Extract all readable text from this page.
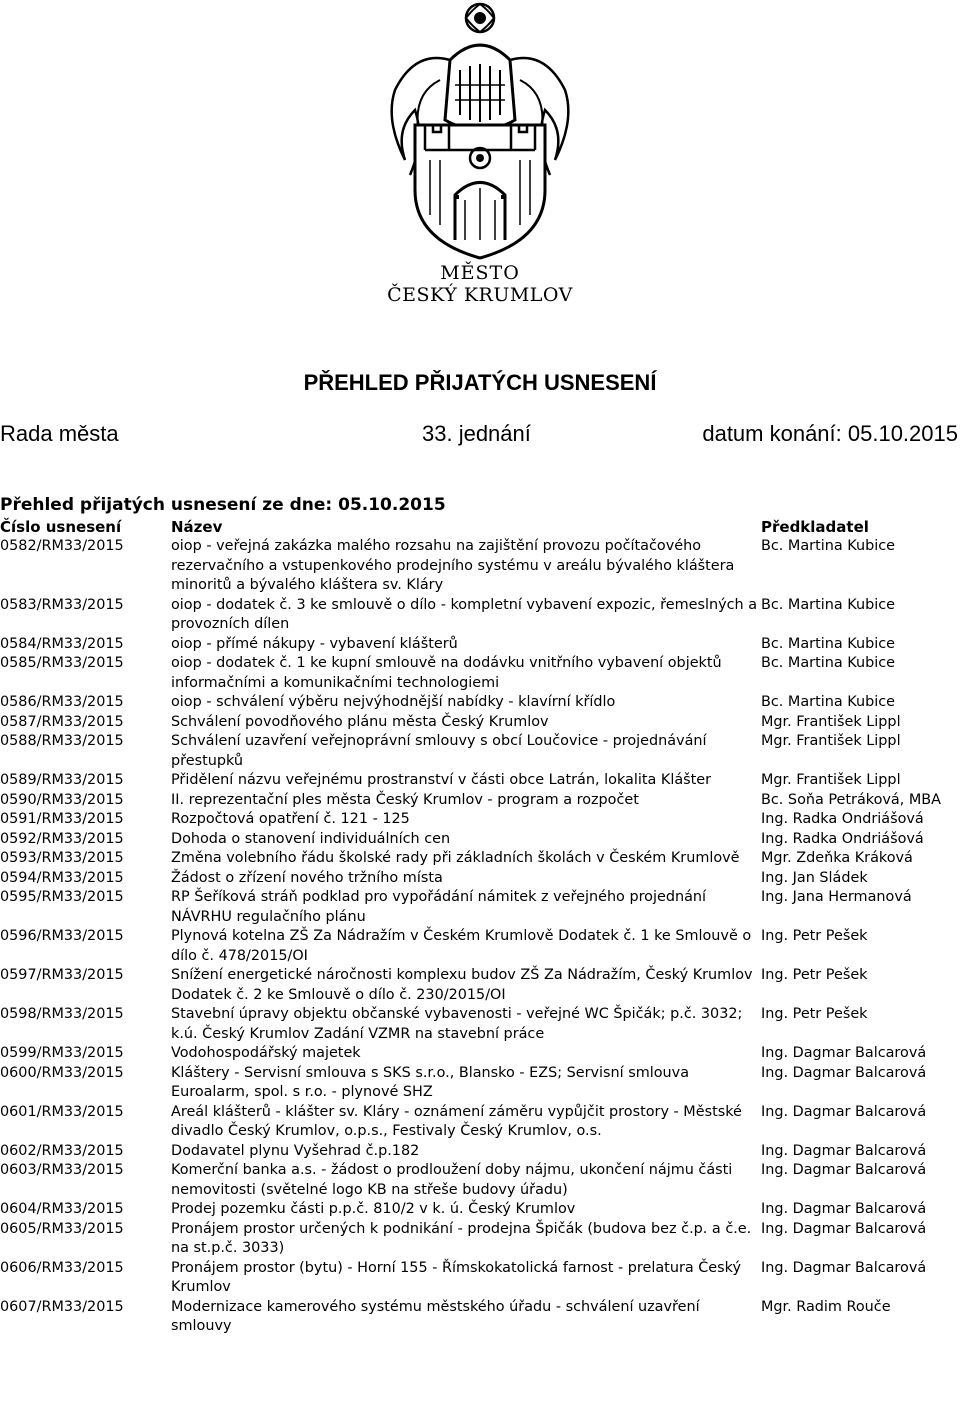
MĚSTO
ČESKÝ KRUMLOV
PŘEHLED PŘIJATÝCH USNESENÍ
Rada města	33. jednání	datum konání: 05.10.2015
Přehled přijatých usnesení ze dne: 05.10.2015
Číslo usnesení	Název	Předkladatel
0582/RM33/2015	oiop - veřejná zakázka malého rozsahu na zajištění provozu počítačového rezervačního a vstupenkového prodejního systému v areálu bývalého kláštera minoritů a bývalého kláštera sv. Kláry	Bc. Martina Kubice
0583/RM33/2015	oiop - dodatek č. 3 ke smlouvě o dílo - kompletní vybavení expozic, řemeslných a provozních dílen	Bc. Martina Kubice
0584/RM33/2015	oiop - přímé nákupy - vybavení klášterů	Bc. Martina Kubice
0585/RM33/2015	oiop - dodatek č. 1 ke kupní smlouvě na dodávku vnitřního vybavení objektů informačními a komunikačními technologiemi	Bc. Martina Kubice
0586/RM33/2015	oiop - schválení výběru nejvýhodnější nabídky - klavírní křídlo	Bc. Martina Kubice
0587/RM33/2015	Schválení povodňového plánu města Český Krumlov	Mgr. František Lippl
0588/RM33/2015	Schválení uzavření veřejnoprávní smlouvy s obcí Loučovice - projednávání přestupků	Mgr. František Lippl
0589/RM33/2015	Přidělení názvu veřejnému prostranství v části obce Latrán, lokalita Klášter	Mgr. František Lippl
0590/RM33/2015	II. reprezentační ples města Český Krumlov - program a rozpočet	Bc. Soňa Petráková, MBA
0591/RM33/2015	Rozpočtová opatření č. 121 - 125	Ing. Radka Ondriášová
0592/RM33/2015	Dohoda o stanovení individuálních cen	Ing. Radka Ondriášová
0593/RM33/2015	Změna volebního řádu školské rady při základních školách v Českém Krumlově	Mgr. Zdeňka Kráková
0594/RM33/2015	Žádost o zřízení nového tržního místa	Ing. Jan Sládek
0595/RM33/2015	RP Šeříková stráň podklad pro vypořádání námitek z veřejného projednání NÁVRHU regulačního plánu	Ing. Jana Hermanová
0596/RM33/2015	Plynová kotelna ZŠ Za Nádražím v Českém Krumlově Dodatek č. 1 ke Smlouvě o dílo č. 478/2015/OI	Ing. Petr Pešek
0597/RM33/2015	Snížení energetické náročnosti komplexu budov ZŠ Za Nádražím, Český Krumlov Dodatek č. 2 ke Smlouvě o dílo č. 230/2015/OI	Ing. Petr Pešek
0598/RM33/2015	Stavební úpravy objektu občanské vybavenosti - veřejné WC Špičák; p.č. 3032; k.ú. Český Krumlov Zadání VZMR na stavební práce	Ing. Petr Pešek
0599/RM33/2015	Vodohospodářský majetek	Ing. Dagmar Balcarová
0600/RM33/2015	Kláštery - Servisní smlouva s SKS s.r.o., Blansko - EZS; Servisní smlouva Euroalarm, spol. s r.o. - plynové SHZ	Ing. Dagmar Balcarová
0601/RM33/2015	Areál klášterů - klášter sv. Kláry - oznámení záměru vypůjčit prostory - Městské divadlo Český Krumlov, o.p.s., Festivaly Český Krumlov, o.s.	Ing. Dagmar Balcarová
0602/RM33/2015	Dodavatel plynu Vyšehrad č.p.182	Ing. Dagmar Balcarová
0603/RM33/2015	Komerční banka a.s. - žádost o prodloužení doby nájmu, ukončení nájmu části nemovitosti (světelné logo KB na střeše budovy úřadu)	Ing. Dagmar Balcarová
0604/RM33/2015	Prodej pozemku části p.p.č. 810/2 v k. ú. Český Krumlov	Ing. Dagmar Balcarová
0605/RM33/2015	Pronájem prostor určených k podnikání - prodejna Špičák (budova bez č.p. a č.e. na st.p.č. 3033)	Ing. Dagmar Balcarová
0606/RM33/2015	Pronájem prostor (bytu) - Horní 155 - Římskokatolická farnost - prelatura Český Krumlov	Ing. Dagmar Balcarová
0607/RM33/2015	Modernizace kamerového systému městského úřadu - schválení uzavření smlouvy	Mgr. Radim Rouče
